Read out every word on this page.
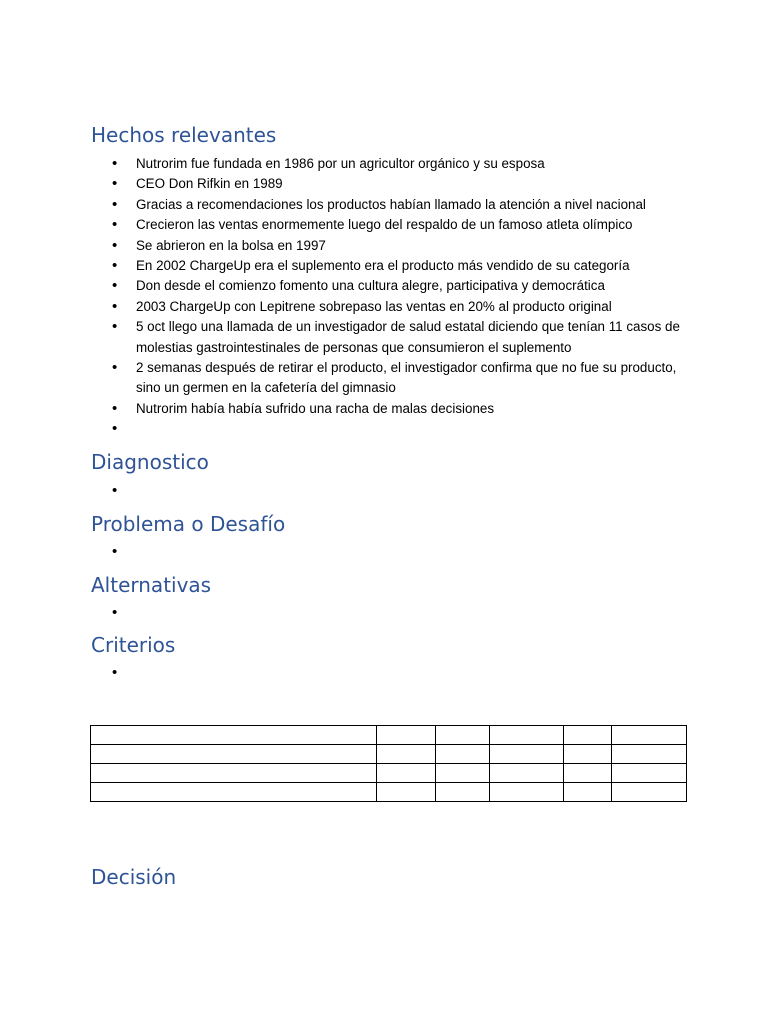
Hechos relevantes
• Nutrorim fue fundada en 1986 por un agricultor orgánico y su esposa
• CEO Don Rifkin en 1989
• Gracias a recomendaciones los productos habían llamado la atención a nivel nacional
• Crecieron las ventas enormemente luego del respaldo de un famoso atleta olímpico
• Se abrieron en la bolsa en 1997
• En 2002 ChargeUp era el suplemento era el producto más vendido de su categoría
• Don desde el comienzo fomento una cultura alegre, participativa y democrática
• 2003 ChargeUp con Lepitrene sobrepaso las ventas en 20% al producto original
• 5 oct llego una llamada de un investigador de salud estatal diciendo que tenían 11 casos de molestias gastrointestinales de personas que consumieron el suplemento
• 2 semanas después de retirar el producto, el investigador confirma que no fue su producto, sino un germen en la cafetería del gimnasio
• Nutrorim había había sufrido una racha de malas decisiones
•
Diagnostico
•
Problema o Desafío
•
Alternativas
•
Criterios
•

Decisión
